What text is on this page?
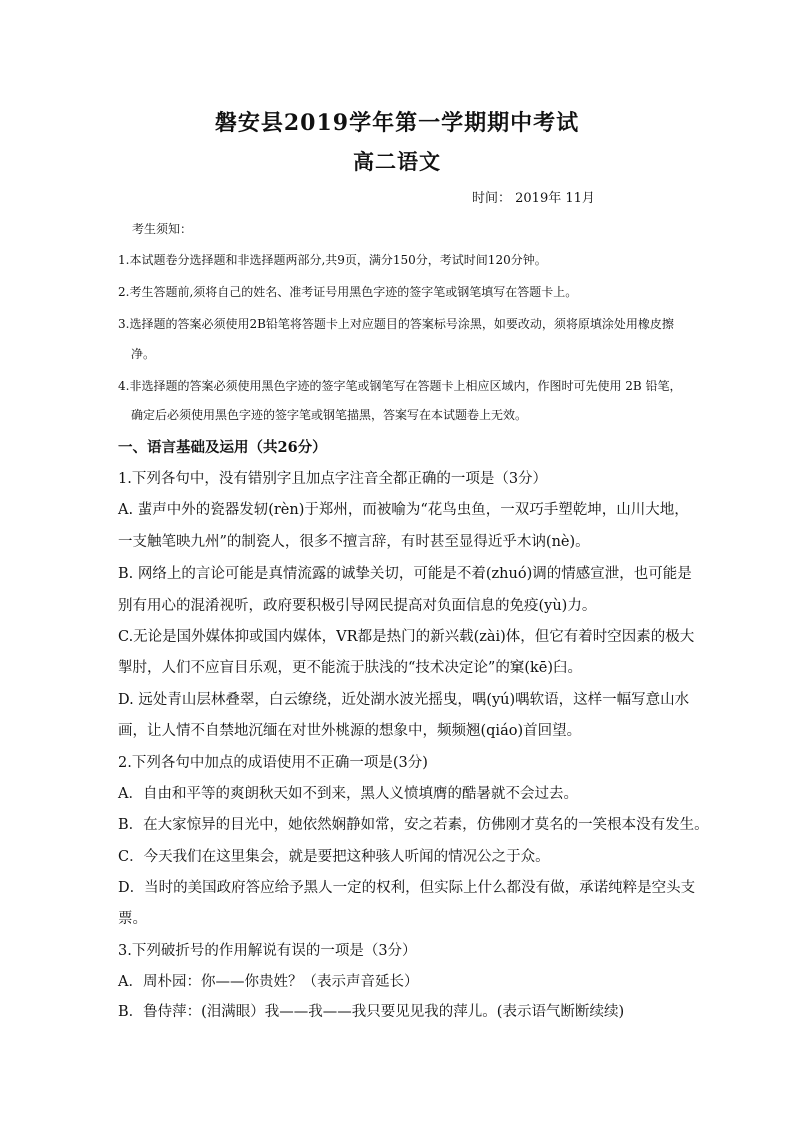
磐安县2019学年第一学期期中考试
高二语文
时间： 2019年 11月
考生须知：
1.本试题卷分选择题和非选择题两部分,共9页，满分150分，考试时间120分钟。
2.考生答题前,须将自己的姓名、准考证号用黑色字迹的签字笔或钢笔填写在答题卡上。
3.选择题的答案必须使用2B铅笔将答题卡上对应题目的答案标号涂黑，如要改动，须将原填涂处用橡皮擦
净。
4.非选择题的答案必须使用黑色字迹的签字笔或钢笔写在答题卡上相应区域内，作图时可先使用 2B 铅笔，
确定后必须使用黑色字迹的签字笔或钢笔描黑，答案写在本试题卷上无效。
一、语言基础及运用（共26分）
1.下列各句中，没有错别字且加点字注音全都正确的一项是（3分）
A. 蜚声中外的瓷器发轫(rèn)于郑州，而被喻为“花鸟虫鱼，一双巧手塑乾坤，山川大地，
一支触笔映九州”的制瓷人，很多不擅言辞，有时甚至显得近乎木讷(nè)。
B. 网络上的言论可能是真情流露的诚挚关切，可能是不着(zhuó)调的情感宣泄，也可能是
别有用心的混淆视听，政府要积极引导网民提高对负面信息的免疫(yù)力。
C.无论是国外媒体抑或国内媒体，VR都是热门的新兴载(zài)体，但它有着时空因素的极大
掣肘，人们不应盲目乐观，更不能流于肤浅的“技术决定论”的窠(kē)臼。
D. 远处青山层林叠翠，白云缭绕，近处湖水波光摇曳，喁(yú)喁软语，这样一幅写意山水
画，让人情不自禁地沉缅在对世外桃源的想象中，频频翘(qiáo)首回望。
2.下列各句中加点的成语使用不正确一项是(3分)
A．自由和平等的爽朗秋天如不到来，黑人义愤填膺的酷暑就不会过去。
B．在大家惊异的目光中，她依然娴静如常，安之若素，仿佛刚才莫名的一笑根本没有发生。
C．今天我们在这里集会，就是要把这种骇人听闻的情况公之于众。
D．当时的美国政府答应给予黑人一定的权利，但实际上什么都没有做，承诺纯粹是空头支
票。
3.下列破折号的作用解说有误的一项是（3分）
A．周朴园：你——你贵姓？（表示声音延长）
B．鲁侍萍：(泪满眼）我——我——我只要见见我的萍儿。(表示语气断断续续)
